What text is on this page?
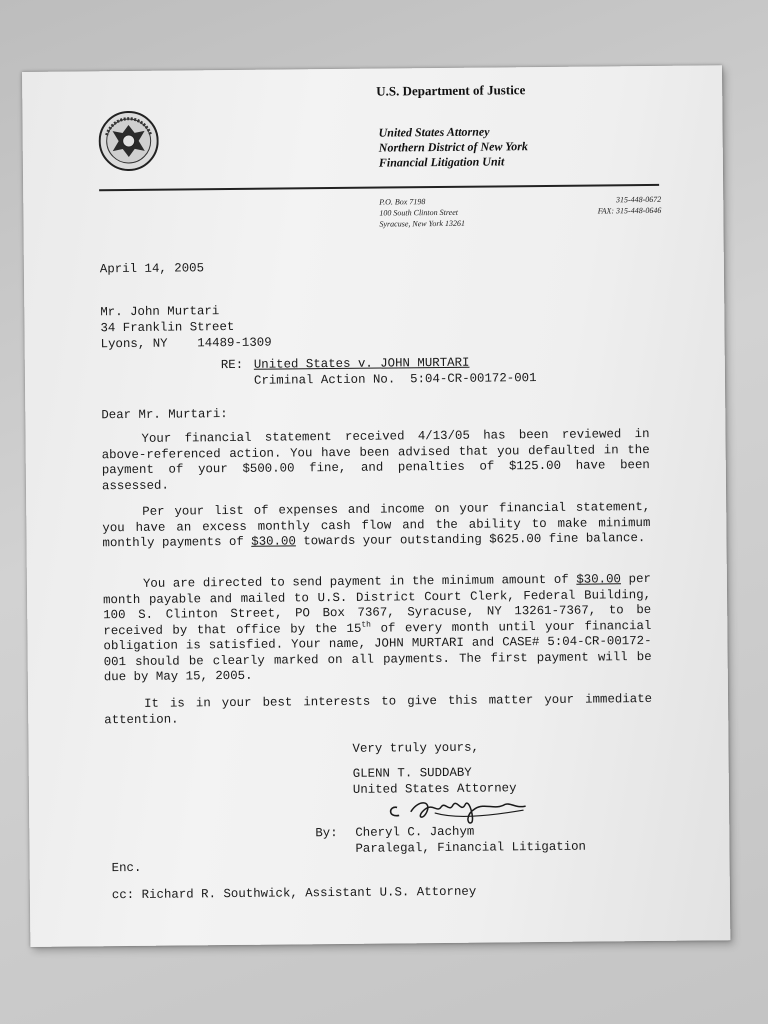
U.S. Department of Justice
United States Attorney
Northern District of New York
Financial Litigation Unit
P.O. Box 7198
100 South Clinton Street
Syracuse, New York 13261
315-448-0672
FAX: 315-448-0646
April 14, 2005
Mr. John Murtari
34 Franklin Street
Lyons, NY    14489-1309
RE: United States v. JOHN MURTARI
Criminal Action No.  5:04-CR-00172-001
Dear Mr. Murtari:
Your financial statement received 4/13/05 has been reviewed in above-referenced action. You have been advised that you defaulted in the payment of your $500.00 fine, and penalties of $125.00 have been assessed.
Per your list of expenses and income on your financial statement, you have an excess monthly cash flow and the ability to make minimum monthly payments of $30.00 towards your outstanding $625.00 fine balance.
You are directed to send payment in the minimum amount of $30.00 per month payable and mailed to U.S. District Court Clerk, Federal Building, 100 S. Clinton Street, PO Box 7367, Syracuse, NY 13261-7367, to be received by that office by the 15th of every month until your financial obligation is satisfied. Your name, JOHN MURTARI and CASE# 5:04-CR-00172-001 should be clearly marked on all payments. The first payment will be due by May 15, 2005.
It is in your best interests to give this matter your immediate attention.
Very truly yours,
GLENN T. SUDDABY
United States Attorney
By: Cheryl C. Jachym
Paralegal, Financial Litigation
Enc.
cc: Richard R. Southwick, Assistant U.S. Attorney
